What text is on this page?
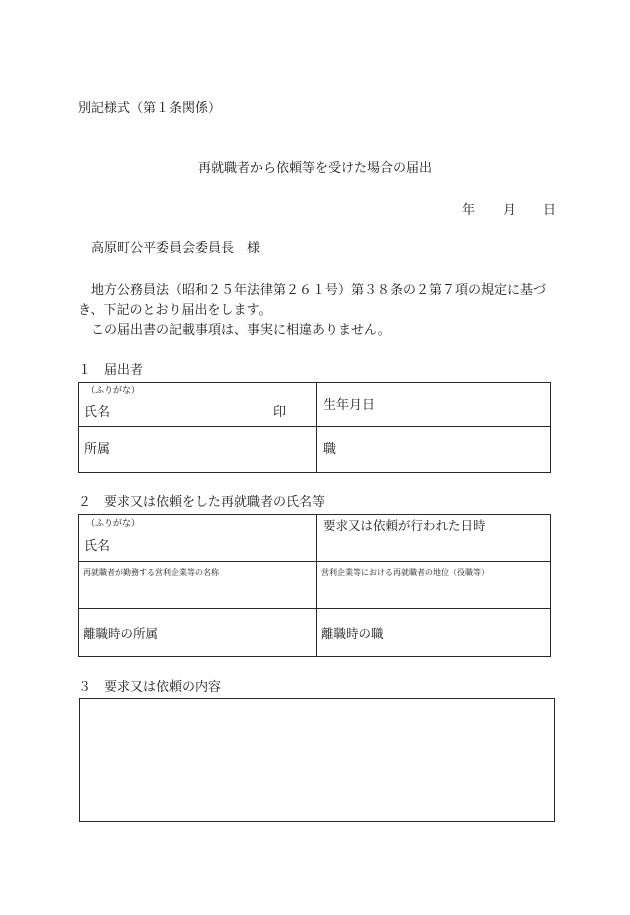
別記様式（第１条関係）
再就職者から依頼等を受けた場合の届出
年 月 日
高原町公平委員会委員長　様
地方公務員法（昭和２５年法律第２６１号）第３８条の２第７項の規定に基づ
き、下記のとおり届出をします。
この届出書の記載事項は、事実に相違ありません。
１　届出者
（ふりがな）
氏名 印	生年月日

所属	職
２　要求又は依頼をした再就職者の氏名等
（ふりがな）
氏名	要求又は依頼が行われた日時

再就職者が勤務する営利企業等の名称	営利企業等における再就職者の地位（役職等）

離職時の所属	離職時の職
３　要求又は依頼の内容
